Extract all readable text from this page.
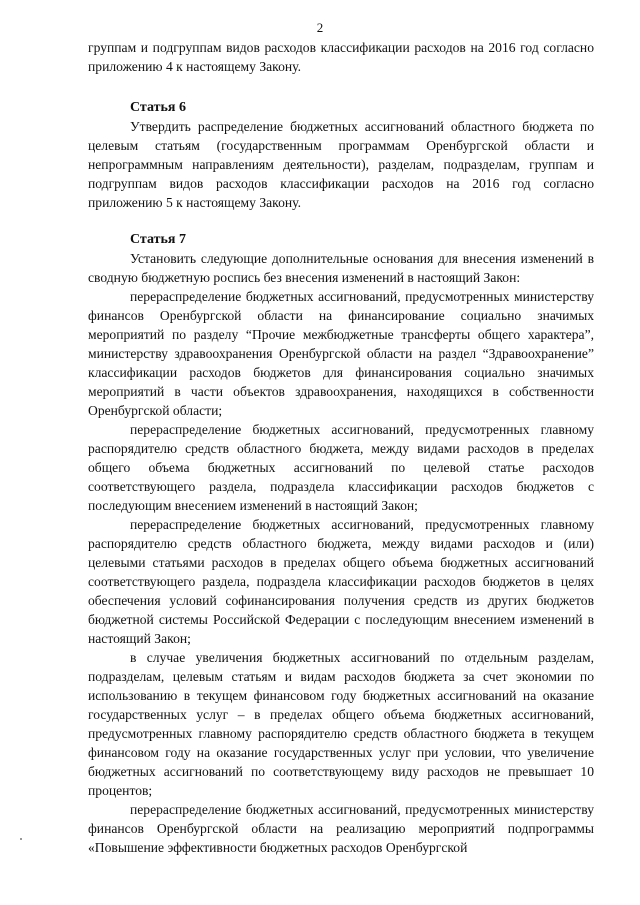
2

группам и подгруппам видов расходов классификации расходов на 2016 год согласно приложению 4 к настоящему Закону.

Статья 6

Утвердить распределение бюджетных ассигнований областного бюджета по целевым статьям (государственным программам Оренбургской области и непрограммным направлениям деятельности), разделам, подразделам, группам и подгруппам видов расходов классификации расходов на 2016 год согласно приложению 5 к настоящему Закону.

Статья 7

Установить следующие дополнительные основания для внесения изменений в сводную бюджетную роспись без внесения изменений в настоящий Закон:

перераспределение бюджетных ассигнований, предусмотренных министерству финансов Оренбургской области на финансирование социально значимых мероприятий по разделу “Прочие межбюджетные трансферты общего характера”, министерству здравоохранения Оренбургской области на раздел “Здравоохранение” классификации расходов бюджетов для финансирования социально значимых мероприятий в части объектов здравоохранения, находящихся в собственности Оренбургской области;

перераспределение бюджетных ассигнований, предусмотренных главному распорядителю средств областного бюджета, между видами расходов в пределах общего объема бюджетных ассигнований по целевой статье расходов соответствующего раздела, подраздела классификации расходов бюджетов с последующим внесением изменений в настоящий Закон;

перераспределение бюджетных ассигнований, предусмотренных главному распорядителю средств областного бюджета, между видами расходов и (или) целевыми статьями расходов в пределах общего объема бюджетных ассигнований соответствующего раздела, подраздела классификации расходов бюджетов в целях обеспечения условий софинансирования получения средств из других бюджетов бюджетной системы Российской Федерации с последующим внесением изменений в настоящий Закон;

в случае увеличения бюджетных ассигнований по отдельным разделам, подразделам, целевым статьям и видам расходов бюджета за счет экономии по использованию в текущем финансовом году бюджетных ассигнований на оказание государственных услуг – в пределах общего объема бюджетных ассигнований, предусмотренных главному распорядителю средств областного бюджета в текущем финансовом году на оказание государственных услуг при условии, что увеличение бюджетных ассигнований по соответствующему виду расходов не превышает 10 процентов;

перераспределение бюджетных ассигнований, предусмотренных министерству финансов Оренбургской области на реализацию мероприятий подпрограммы «Повышение эффективности бюджетных расходов Оренбургской
